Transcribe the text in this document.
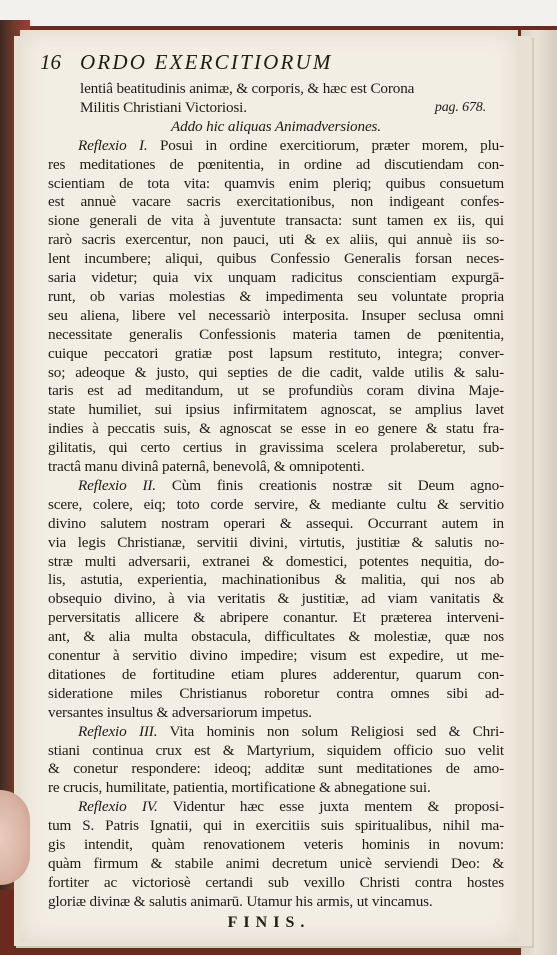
16 ORDO EXERCITIORUM
lentiâ beatitudinis animæ, & corporis, & hæc est Corona
Militis Christiani Victoriosi.	pag. 678.
Addo hic aliquas Animadversiones.
Reflexio I. Posui in ordine exercitiorum, præter morem, plu-
res meditationes de pœnitentia, in ordine ad discutiendam con-
scientiam de tota vita: quamvis enim pleriq; quibus consuetum
est annuè vacare sacris exercitationibus, non indigeant confes-
sione generali de vita à juventute transacta: sunt tamen ex iis, qui
rarò sacris exercentur, non pauci, uti & ex aliis, qui annuè iis so-
lent incumbere; aliqui, quibus Confessio Generalis forsan neces-
saria videtur; quia vix unquam radicitus conscientiam expurgā-
runt, ob varias molestias & impedimenta seu voluntate propria
seu aliena, libere vel necessariò interposita. Insuper seclusa omni
necessitate generalis Confessionis materia tamen de pœnitentia,
cuique peccatori gratiæ post lapsum restituto, integra; conver-
so; adeoque & justo, qui septies de die cadit, valde utilis & salu-
taris est ad meditandum, ut se profundiùs coram divina Maje-
state humiliet, sui ipsius infirmitatem agnoscat, se amplius lavet
indies à peccatis suis, & agnoscat se esse in eo genere & statu fra-
gilitatis, qui certo certius in gravissima scelera prolaberetur, sub-
tractâ manu divinâ paternâ, benevolâ, & omnipotenti.
Reflexio II. Cùm finis creationis nostræ sit Deum agno-
scere, colere, eiq; toto corde servire, & mediante cultu & servitio
divino salutem nostram operari & assequi. Occurrant autem in
via legis Christianæ, servitii divini, virtutis, justitiæ & salutis no-
stræ multi adversarii, extranei & domestici, potentes nequitia, do-
lis, astutia, experientia, machinationibus & malitia, qui nos ab
obsequio divino, à via veritatis & justitiæ, ad viam vanitatis &
perversitatis allicere & abripere conantur. Et præterea interveni-
ant, & alia multa obstacula, difficultates & molestiæ, quæ nos
conentur à servitio divino impedire; visum est expedire, ut me-
ditationes de fortitudine etiam plures adderentur, quarum con-
sideratione miles Christianus roboretur contra omnes sibi ad-
versantes insultus & adversariorum impetus.
Reflexio III. Vita hominis non solum Religiosi sed & Chri-
stiani continua crux est & Martyrium, siquidem officio suo velit
& conetur respondere: ideoq; additæ sunt meditationes de amo-
re crucis, humilitate, patientia, mortificatione & abnegatione sui.
Reflexio IV. Videntur hæc esse juxta mentem & proposi-
tum S. Patris Ignatii, qui in exercitiis suis spiritualibus, nihil ma-
gis intendit, quàm renovationem veteris hominis in novum:
quàm firmum & stabile animi decretum unicè serviendi Deo: &
fortiter ac victoriosè certandi sub vexillo Christi contra hostes
gloriæ divinæ & salutis animarū. Utamur his armis, ut vincamus.
FINIS.
